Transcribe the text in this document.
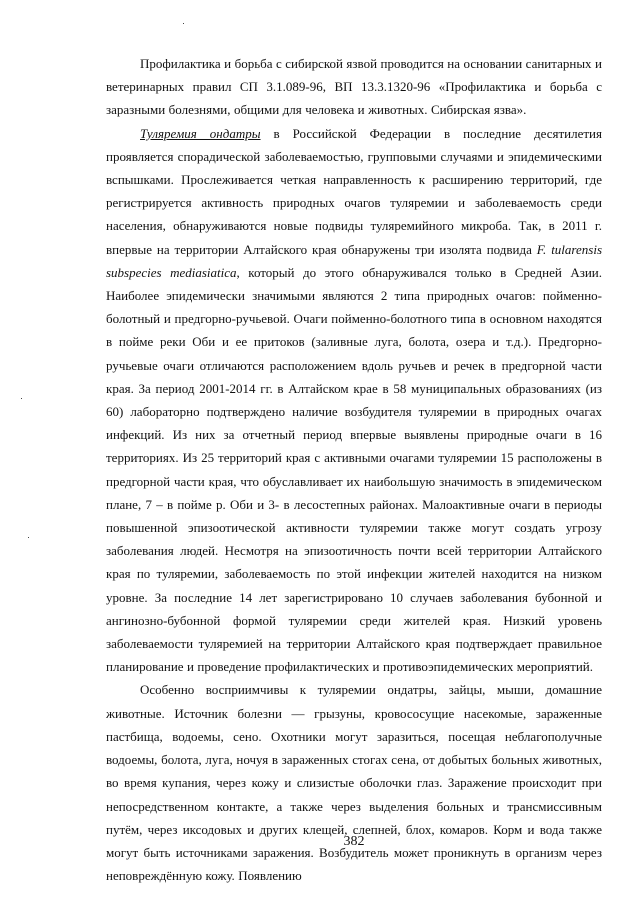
Профилактика и борьба с сибирской язвой проводится на основании санитарных и ветеринарных правил СП 3.1.089-96, ВП 13.3.1320-96 «Профилактика и борьба с заразными болезнями, общими для человека и животных. Сибирская язва».

Туляремия ондатры в Российской Федерации в последние десятилетия проявляется спорадической заболеваемостью, групповыми случаями и эпидемическими вспышками. Прослеживается четкая направленность к расширению территорий, где регистрируется активность природных очагов туляремии и заболеваемость среди населения, обнаруживаются новые подвиды туляремийного микроба. Так, в 2011 г. впервые на территории Алтайского края обнаружены три изолята подвида F. tularensis subspecies mediasiatica, который до этого обнаруживался только в Средней Азии. Наиболее эпидемически значимыми являются 2 типа природных очагов: пойменно-болотный и предгорно-ручьевой. Очаги пойменно-болотного типа в основном находятся в пойме реки Оби и ее притоков (заливные луга, болота, озера и т.д.). Предгорно-ручьевые очаги отличаются расположением вдоль ручьев и речек в предгорной части края. За период 2001-2014 гг. в Алтайском крае в 58 муниципальных образованиях (из 60) лабораторно подтверждено наличие возбудителя туляремии в природных очагах инфекций. Из них за отчетный период впервые выявлены природные очаги в 16 территориях. Из 25 территорий края с активными очагами туляремии 15 расположены в предгорной части края, что обуславливает их наибольшую значимость в эпидемическом плане, 7 – в пойме р. Оби и 3- в лесостепных районах. Малоактивные очаги в периоды повышенной эпизоотической активности туляремии также могут создать угрозу заболевания людей. Несмотря на эпизоотичность почти всей территории Алтайского края по туляремии, заболеваемость по этой инфекции жителей находится на низком уровне. За последние 14 лет зарегистрировано 10 случаев заболевания бубонной и ангинозно-бубонной формой туляремии среди жителей края. Низкий уровень заболеваемости туляремией на территории Алтайского края подтверждает правильное планирование и проведение профилактических и противоэпидемических мероприятий.

Особенно восприимчивы к туляремии ондатры, зайцы, мыши, домашние животные. Источник болезни — грызуны, кровососущие насекомые, зараженные пастбища, водоемы, сено. Охотники могут заразиться, посещая неблагополучные водоемы, болота, луга, ночуя в зараженных стогах сена, от добытых больных животных, во время купания, через кожу и слизистые оболочки глаз. Заражение происходит при непосредственном контакте, а также через выделения больных и трансмиссивным путём, через иксодовых и других клещей, слепней, блох, комаров. Корм и вода также могут быть источниками заражения. Возбудитель может проникнуть в организм через неповреждённую кожу. Появлению

382
